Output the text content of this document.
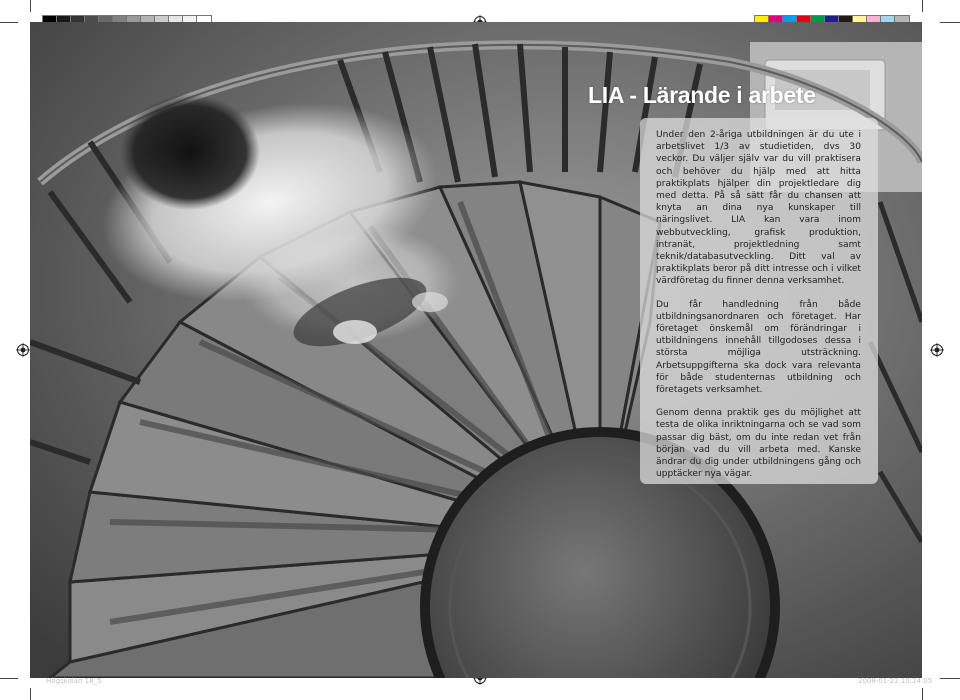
LIA - Lärande i arbete

Under den 2-åriga utbildningen är du ute i arbetslivet 1/3 av studietiden, dvs 30 veckor. Du väljer själv var du vill praktisera och behöver du hjälp med att hitta praktikplats hjälper din projektledare dig med detta. På så sätt får du chansen att knyta an dina nya kunskaper till näringslivet. LIA kan vara inom webbutveckling, grafisk produktion, intranät, projektledning samt teknik/databasutveckling. Ditt val av praktikplats beror på ditt intresse och i vilket värdföretag du finner denna verksamhet.

Du får handledning från både utbildningsanordnaren och företaget. Har företaget önskemål om förändringar i utbildningens innehåll tillgodoses dessa i största möjliga utsträckning. Arbetsuppgifterna ska dock vara relevanta för både studenternas utbildning och företagets verksamhet.

Genom denna praktik ges du möjlighet att testa de olika inriktningarna och se vad som passar dig bäst, om du inte redan vet från början vad du vill arbeta med. Kanske ändrar du dig under utbildningens gång och upptäcker nya vägar.

Högskolan 18_5	2008-01-22 10:24:05
